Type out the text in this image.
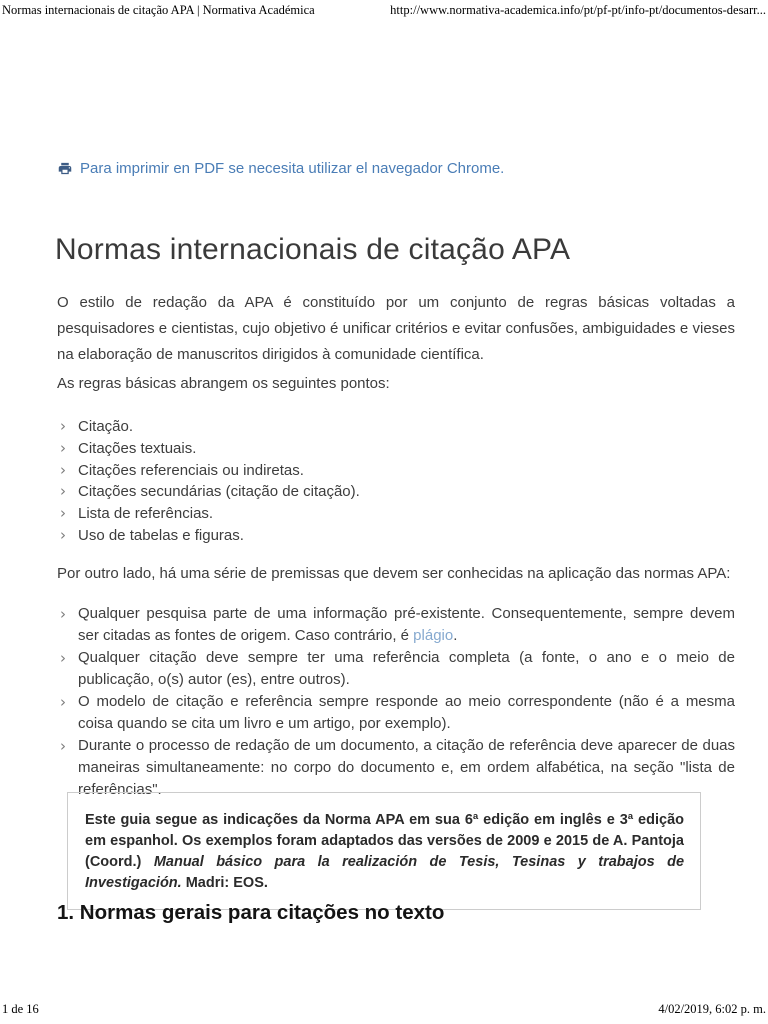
Normas internacionais de citação APA | Normativa Académica	http://www.normativa-academica.info/pt/pf-pt/info-pt/documentos-desarr...
Para imprimir en PDF se necesita utilizar el navegador Chrome.
Normas internacionais de citação APA

O estilo de redação da APA é constituído por um conjunto de regras básicas voltadas a pesquisadores e cientistas, cujo objetivo é unificar critérios e evitar confusões, ambiguidades e vieses na elaboração de manuscritos dirigidos à comunidade científica.

As regras básicas abrangem os seguintes pontos:

› Citação.
› Citações textuais.
› Citações referenciais ou indiretas.
› Citações secundárias (citação de citação).
› Lista de referências.
› Uso de tabelas e figuras.

Por outro lado, há uma série de premissas que devem ser conhecidas na aplicação das normas APA:

› Qualquer pesquisa parte de uma informação pré-existente. Consequentemente, sempre devem ser citadas as fontes de origem. Caso contrário, é plágio.
› Qualquer citação deve sempre ter uma referência completa (a fonte, o ano e o meio de publicação, o(s) autor (es), entre outros).
› O modelo de citação e referência sempre responde ao meio correspondente (não é a mesma coisa quando se cita um livro e um artigo, por exemplo).
› Durante o processo de redação de um documento, a citação de referência deve aparecer de duas maneiras simultaneamente: no corpo do documento e, em ordem alfabética, na seção "lista de referências".
Este guia segue as indicações da Norma APA em sua 6ª edição em inglês e 3ª edição em espanhol. Os exemplos foram adaptados das versões de 2009 e 2015 de A. Pantoja (Coord.) Manual básico para la realización de Tesis, Tesinas y trabajos de Investigación. Madri: EOS.
1. Normas gerais para citações no texto
1 de 16	4/02/2019, 6:02 p. m.
